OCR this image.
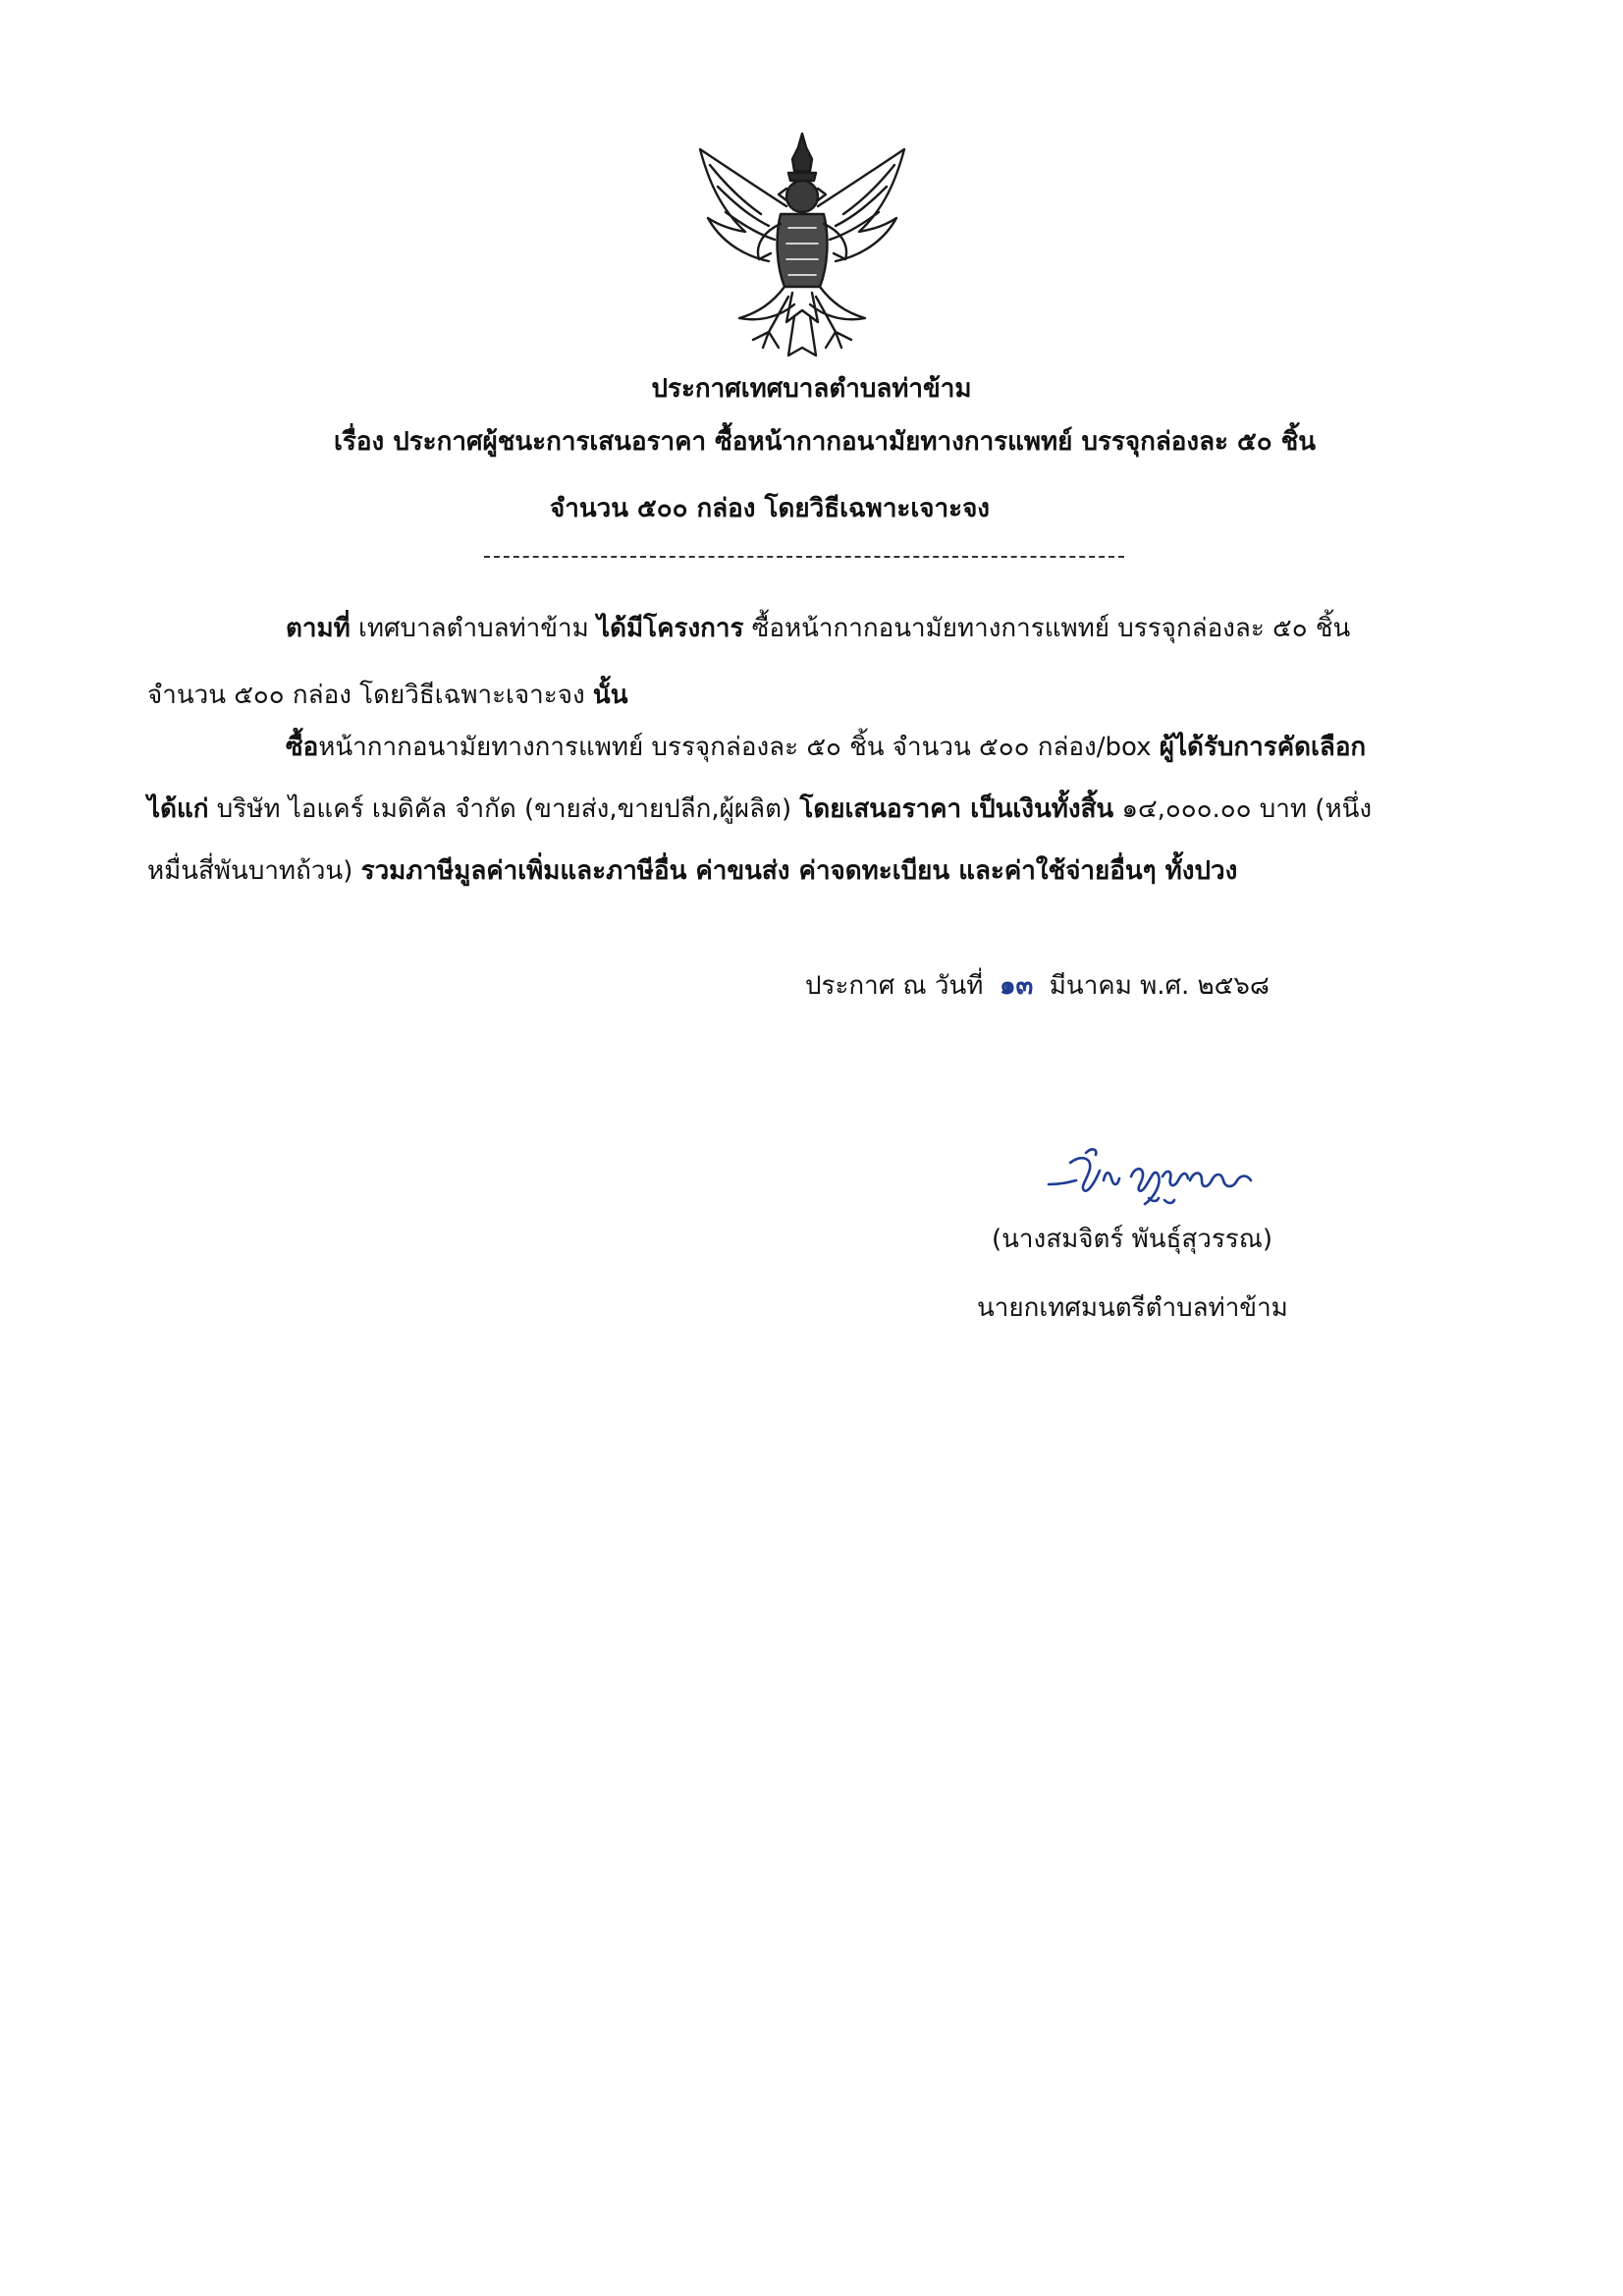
ประกาศเทศบาลตำบลท่าข้าม
เรื่อง ประกาศผู้ชนะการเสนอราคา ซื้อหน้ากากอนามัยทางการแพทย์ บรรจุกล่องละ ๕๐ ชิ้น
จำนวน ๕๐๐ กล่อง โดยวิธีเฉพาะเจาะจง
ตามที่ เทศบาลตำบลท่าข้าม ได้มีโครงการ ซื้อหน้ากากอนามัยทางการแพทย์ บรรจุกล่องละ ๕๐ ชิ้น
จำนวน ๕๐๐ กล่อง โดยวิธีเฉพาะเจาะจง นั้น
ซื้อหน้ากากอนามัยทางการแพทย์ บรรจุกล่องละ ๕๐ ชิ้น จำนวน ๕๐๐ กล่อง/box ผู้ได้รับการคัดเลือก
ได้แก่ บริษัท ไอแคร์ เมดิคัล จำกัด (ขายส่ง,ขายปลีก,ผู้ผลิต) โดยเสนอราคา เป็นเงินทั้งสิ้น ๑๔,๐๐๐.๐๐ บาท (หนึ่ง
หมื่นสี่พันบาทถ้วน) รวมภาษีมูลค่าเพิ่มและภาษีอื่น ค่าขนส่ง ค่าจดทะเบียน และค่าใช้จ่ายอื่นๆ ทั้งปวง
ประกาศ ณ วันที่ ๑๓ มีนาคม พ.ศ. ๒๕๖๘
(นางสมจิตร์ พันธุ์สุวรรณ)
นายกเทศมนตรีตำบลท่าข้าม
